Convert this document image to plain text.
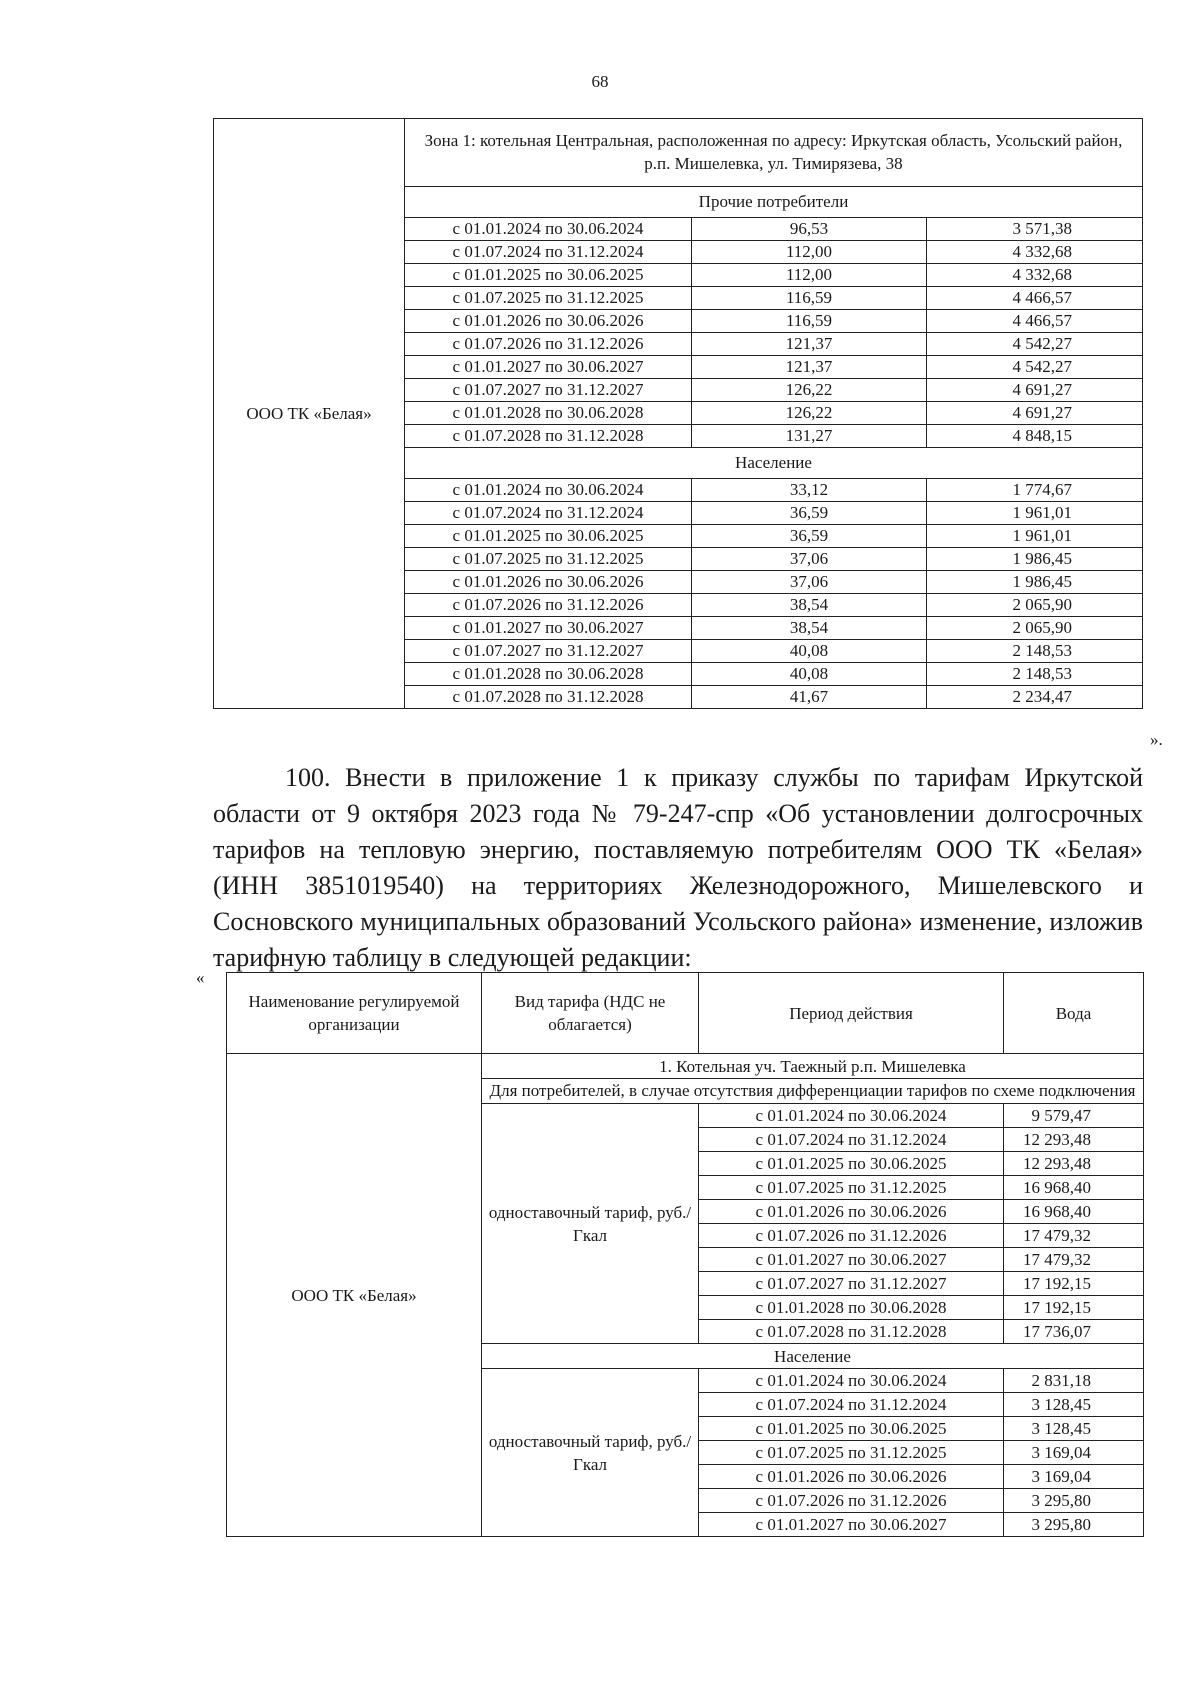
68
ООО ТК «Белая»	Зона 1: котельная Центральная, расположенная по адресу: Иркутская область, Усольский район, р.п. Мишелевка, ул. Тимирязева, 38		
	Прочие потребители		
	с 01.01.2024 по 30.06.2024	96,53	3 571,38
	с 01.07.2024 по 31.12.2024	112,00	4 332,68
	с 01.01.2025 по 30.06.2025	112,00	4 332,68
	с 01.07.2025 по 31.12.2025	116,59	4 466,57
	с 01.01.2026 по 30.06.2026	116,59	4 466,57
	с 01.07.2026 по 31.12.2026	121,37	4 542,27
	с 01.01.2027 по 30.06.2027	121,37	4 542,27
	с 01.07.2027 по 31.12.2027	126,22	4 691,27
	с 01.01.2028 по 30.06.2028	126,22	4 691,27
	с 01.07.2028 по 31.12.2028	131,27	4 848,15
	Население		
	с 01.01.2024 по 30.06.2024	33,12	1 774,67
	с 01.07.2024 по 31.12.2024	36,59	1 961,01
	с 01.01.2025 по 30.06.2025	36,59	1 961,01
	с 01.07.2025 по 31.12.2025	37,06	1 986,45
	с 01.01.2026 по 30.06.2026	37,06	1 986,45
	с 01.07.2026 по 31.12.2026	38,54	2 065,90
	с 01.01.2027 по 30.06.2027	38,54	2 065,90
	с 01.07.2027 по 31.12.2027	40,08	2 148,53
	с 01.01.2028 по 30.06.2028	40,08	2 148,53
	с 01.07.2028 по 31.12.2028	41,67	2 234,47
».
100. Внести в приложение 1 к приказу службы по тарифам Иркутской области от 9 октября 2023 года № 79-247-спр «Об установлении долгосрочных тарифов на тепловую энергию, поставляемую потребителям ООО ТК «Белая» (ИНН 3851019540) на территориях Железнодорожного, Мишелевского и Сосновского муниципальных образований Усольского района» изменение, изложив тарифную таблицу в следующей редакции:
«
Наименование регулируемой организации	Вид тарифа (НДС не облагается)	Период действия	Вода
ООО ТК «Белая»	1. Котельная уч. Таежный р.п. Мишелевка		
	Для потребителей, в случае отсутствия дифференциации тарифов по схеме подключения		
	одноставочный тариф, руб./Гкал	с 01.01.2024 по 30.06.2024	9 579,47
		с 01.07.2024 по 31.12.2024	12 293,48
		с 01.01.2025 по 30.06.2025	12 293,48
		с 01.07.2025 по 31.12.2025	16 968,40
		с 01.01.2026 по 30.06.2026	16 968,40
		с 01.07.2026 по 31.12.2026	17 479,32
		с 01.01.2027 по 30.06.2027	17 479,32
		с 01.07.2027 по 31.12.2027	17 192,15
		с 01.01.2028 по 30.06.2028	17 192,15
		с 01.07.2028 по 31.12.2028	17 736,07
	Население		
	одноставочный тариф, руб./Гкал	с 01.01.2024 по 30.06.2024	2 831,18
		с 01.07.2024 по 31.12.2024	3 128,45
		с 01.01.2025 по 30.06.2025	3 128,45
		с 01.07.2025 по 31.12.2025	3 169,04
		с 01.01.2026 по 30.06.2026	3 169,04
		с 01.07.2026 по 31.12.2026	3 295,80
		с 01.01.2027 по 30.06.2027	3 295,80
